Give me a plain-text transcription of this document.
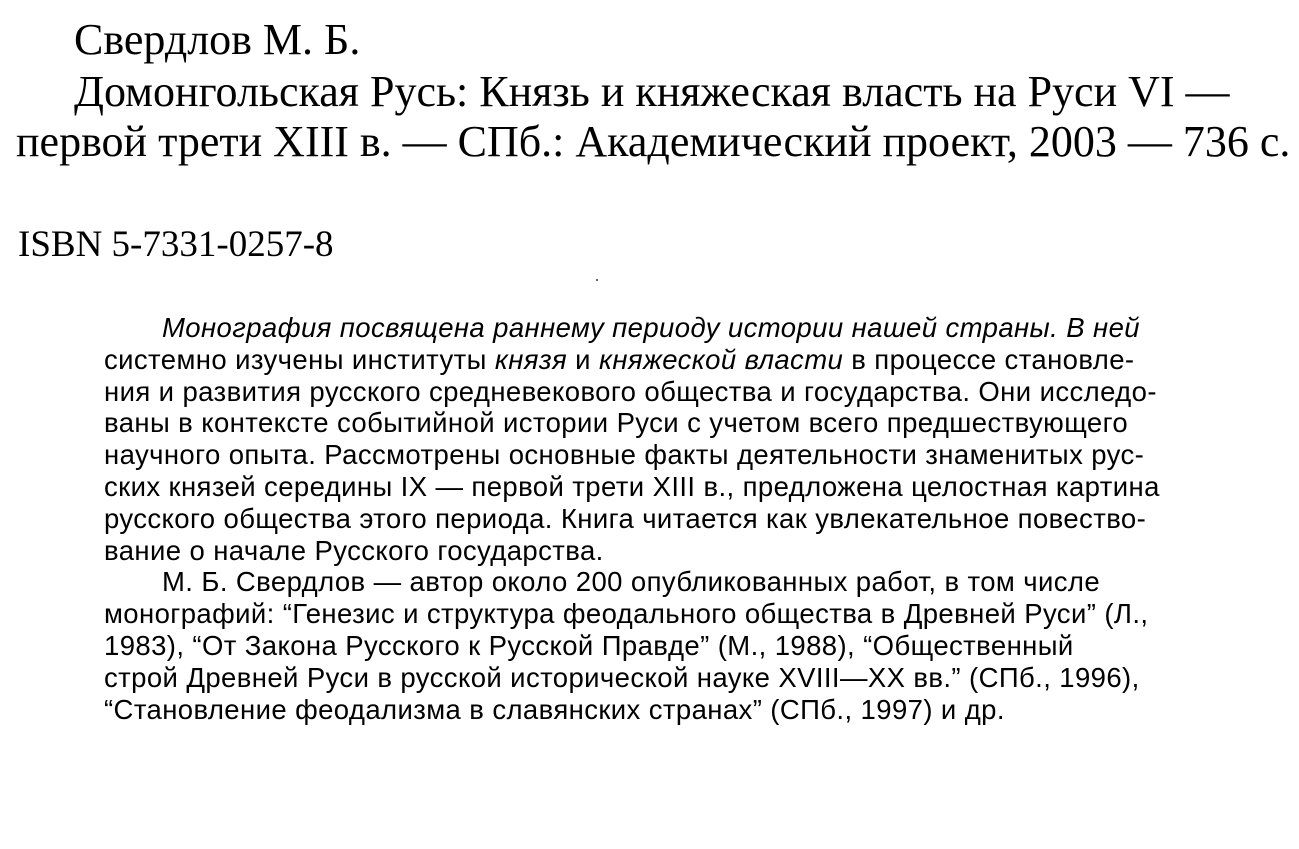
Свердлов М. Б.
Домонгольская Русь: Князь и княжеская власть на Руси VI —
первой трети XIII в. — СПб.: Академический проект, 2003 — 736 с.
ISBN 5-7331-0257-8
Монография посвящена раннему периоду истории нашей страны. В ней
системно изучены институты князя и княжеской власти в процессе становле-
ния и развития русского средневекового общества и государства. Они исследо-
ваны в контексте событийной истории Руси с учетом всего предшествующего
научного опыта. Рассмотрены основные факты деятельности знаменитых рус-
ских князей середины IX — первой трети XIII в., предложена целостная картина
русского общества этого периода. Книга читается как увлекательное повество-
вание о начале Русского государства.
М. Б. Свердлов — автор около 200 опубликованных работ, в том числе
монографий: “Генезис и структура феодального общества в Древней Руси” (Л.,
1983), “От Закона Русского к Русской Правде” (М., 1988), “Общественный
строй Древней Руси в русской исторической науке XVIII—XX вв.” (СПб., 1996),
“Становление феодализма в славянских странах” (СПб., 1997) и др.
